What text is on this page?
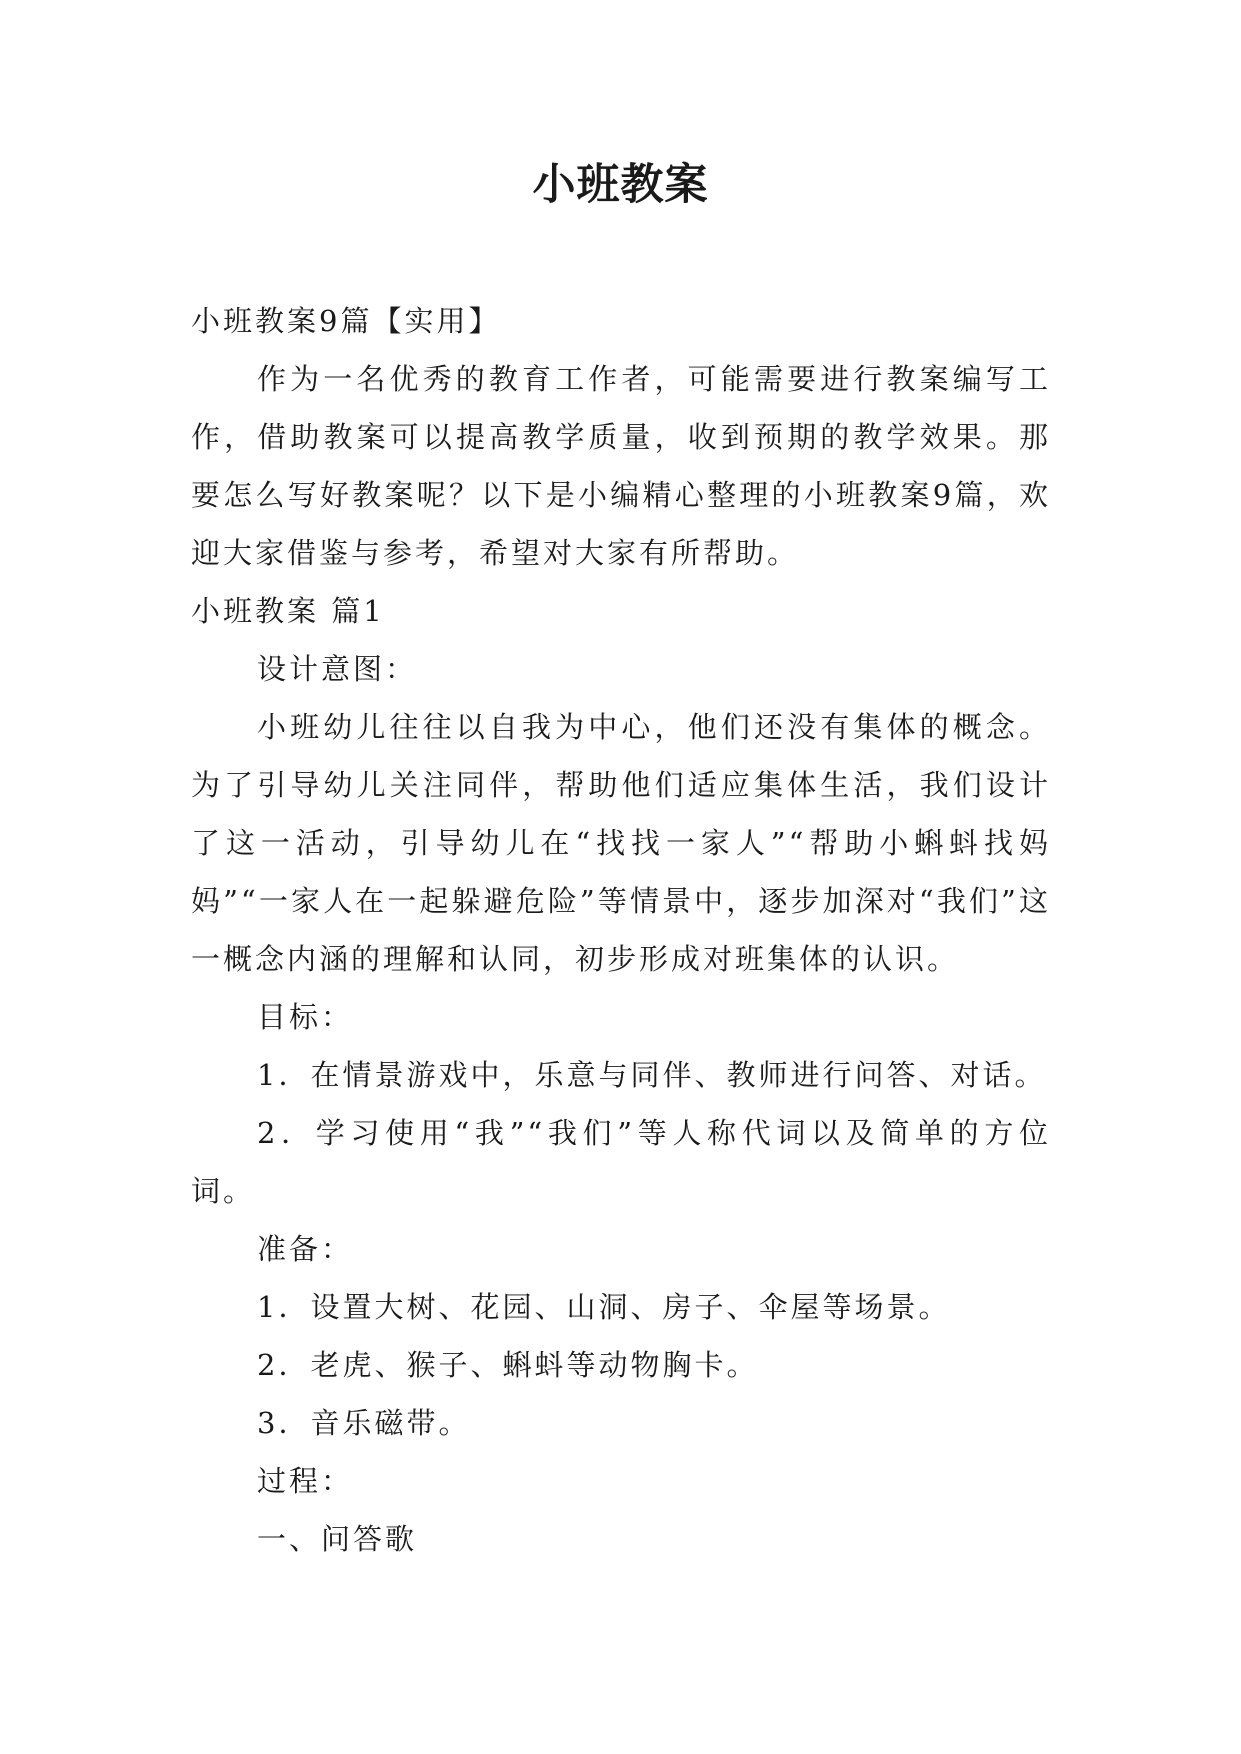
小班教案

小班教案9篇【实用】

作为一名优秀的教育工作者，可能需要进行教案编写工作，借助教案可以提高教学质量，收到预期的教学效果。那要怎么写好教案呢？以下是小编精心整理的小班教案9篇，欢迎大家借鉴与参考，希望对大家有所帮助。

小班教案 篇1

设计意图：

小班幼儿往往以自我为中心，他们还没有集体的概念。为了引导幼儿关注同伴，帮助他们适应集体生活，我们设计了这一活动，引导幼儿在“找找一家人”“帮助小蝌蚪找妈妈”“一家人在一起躲避危险”等情景中，逐步加深对“我们”这一概念内涵的理解和认同，初步形成对班集体的认识。

目标：

1．在情景游戏中，乐意与同伴、教师进行问答、对话。

2．学习使用“我”“我们”等人称代词以及简单的方位词。

准备：

1．设置大树、花园、山洞、房子、伞屋等场景。

2．老虎、猴子、蝌蚪等动物胸卡。

3．音乐磁带。

过程：

一、问答歌
